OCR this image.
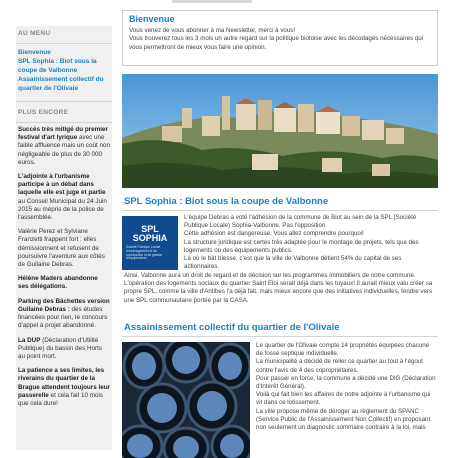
AU MENU
Bienvenue
SPL Sophia : Biot sous la coupe de Valbonne
Assainissement collectif du quartier de l'Olivaie
PLUS ENCORE

Succès très mitigé du premier festival d'art lyrique avec une faible affluence mais un coût non négligeable de plus de 30 000 euros.

L'adjointe à l'urbanisme participe à un débat dans laquelle elle est juge et partie au Conseil Municipal du 24 Juin 2015 au mépris de la police de l'assemblée.

Valérie Perez et Sylviane Franzetti frappent fort : elles démissionnent et refusent de poursuivre l'aventure aux côtés de Guilaine Debras.

Hélène Maders abandonne ses délégations.

Parking des Bâchettes version Guilaine Debras : des études financées pour rien, le concours d'appel à projet abandonné.

La DUP (Déclaration d'Utilité Publique) du bassin des Horts au point mort.

La patience a ses limites, les riverains du quartier de la Brague attendent toujours leur passerelle et cela fait 10 mois que cela dure!

Bienvenue

Vous venez de vous abonner à ma Newsletter, merci à vous!

Vous trouverez tous les 3 mois un autre regard sur la politique biotoise avec les décodages nécessaires qui vous permettront de mieux vous faire une opinion.

SPL Sophia : Biot sous la coupe de Valbonne
SPL
SOPHIA
Société Publique Locale d'aménagement et de construction et de gestion d'équipements

L'équipe Debras a voté l'adhésion de la commune de Biot au sein de la SPL (Société Publique Locale) Sophia-Valbonne. Pas l'opposition.

Cette adhésion est dangereuse. Vous allez comprendre pourquoi!

La structure juridique est certes très adaptée pour le montage de projets, tels que des logements ou des équipements publics.

Là où le bât blesse, c'est que la ville de Valbonne détient 54% du capital de ses actionnaires.

Ainsi, Valbonne aura un droit de regard et de décision sur les programmes immobiliers de notre commune. L'opération des logements sociaux du quartier Saint Eloi serait déjà dans les tuyaux! Il aurait mieux valu créer sa propre SPL, comme la ville d'Antibes l'a déjà fait, mais mieux encore que des initiatives individuelles, tendre vers une SPL communautaire portée par la CASA.
Assainissement collectif du quartier de l'Olivaie

Le quartier de l'Olivaie compte 14 propriétés équipées chacune de fosse septique individuelle.

La municipalité a décidé de relier ce quartier au tout à l'égout contre l'avis de 4 des copropriétaires.

Pour passer en force, la commune a décidé une DIG (Déclaration d'Intérêt Général).

Voilà qui fait bien les affaires de notre adjointe à l'urbanisme qui vit dans ce lotissement.

La ville propose même de déroger au règlement du SPANC (Service Public de l'Assainissement Non Collectif) en proposant non seulement un diagnostic sommaire contraire à la loi, mais
